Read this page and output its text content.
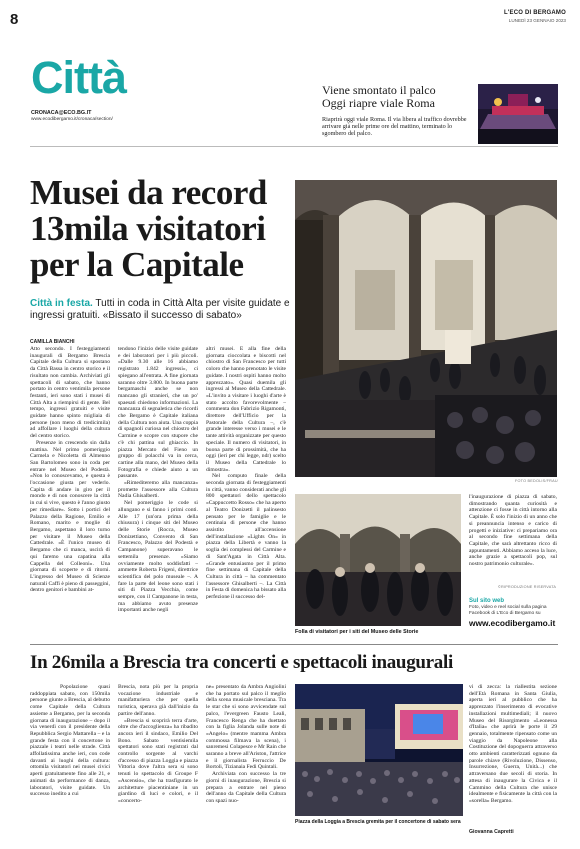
8	L'ECO DI BERGAMO
LUNEDÌ 23 GENNAIO 2023
Città
CRONACA@ECO.BG.IT
www.ecodibergamo.it/cronaca/section/
Viene smontato il palco
Oggi riapre viale Roma
Riaprirà oggi viale Roma. Il via libera al traffico dovrebbe arrivare già nelle prime ore del mattino, terminato lo sgombero del palco.
Musei da record
13mila visitatori
per la Capitale
Città in festa. Tutti in coda in Città Alta per visite guidate e ingressi gratuiti. «Bissato il successo di sabato»
CAMILLA BIANCHI

Atto secondo. I festeggiamenti inaugurali di Bergamo Brescia Capitale della Cultura si spostano da Città Bassa in centro storico e il risultato non cambia. Archiviati gli spettacoli di sabato, che hanno portato in centro ventimila persone festanti, ieri sono stati i musei di Città Alta a riempirsi di gente. Bel tempo, ingressi gratuiti e visite guidate hanno spinto migliaia di persone (non meno di tredicimila) ad affollare i luoghi della cultura del centro storico.

Presenze in crescendo sin dalla mattina. Nel primo pomeriggio Carmela e Nicoletta di Almenno San Bartolomeo sono in coda per entrare nel Museo del Podestà. «Non lo conoscevamo, e questa è l'occasione giusta per vederlo. Capita di andare in giro per il mondo e di non conoscere la città in cui si vive, questo è l'anno giusto per rimediare». Sotto i portici del Palazzo della Ragione, Emilio e Romano, marito e moglie di Bergamo, aspettano il loro turno per visitare il Museo della Cattedrale. «È l'unico museo di Bergamo che ci manca, uscirà di qui faremo una capatina alla Cappella del Colleoni». Una giornata di scoperte e di ritorni. L'ingresso del Museo di Scienze naturali Caffi è pieno di passeggini, dentro genitori e bambini at-

tendono l'inizio delle visite guidate e dei laboratori per i più piccoli. «Dalle 9.30 alle 16 abbiamo registrato 1.842 ingressi», ci spiegano all'entrata. A fine giornata saranno oltre 3.800. In buona parte bergamaschi anche se non mancano gli stranieri, che un po' spaesati chiedono informazioni. La mancanza di segnaletica che ricordi che Bergamo è Capitale italiana della Cultura non aiuta. Una coppia di spagnoli curiosa nel chiostro del Carmine e scopre con stupore che c'è chi pattina sul ghiaccio. In piazza Mercato del Fieno un gruppo di polacchi va in cerca, cartine alla mano, del Museo della Fotografia e chiede aiuto a un passante.

«Rimediteremo alla mancanza» promette l'assessore alla Cultura Nadia Ghisalberti.

Nel pomeriggio le code si allungano e si fanno i primi conti. Alle 17 (un'ora prima della chiusura) i cinque siti del Museo delle Storie (Rocca, Museo Donizettiano, Convento di San Francesco, Palazzo del Podestà e Campanone) superavano le settemila presenze. «Siamo ovviamente molto soddisfatti – ammette Roberta Frigeni, direttrice scientifica del polo museale –. A fare la parte del leone sono stati i siti di Piazza Vecchia, come sempre, con il Campanone in testa, ma abbiamo avuto presenze importanti anche negli

altri musei. E alla fine della giornata cioccolata e biscotti nel chiostro di San Francesco per tutti coloro che hanno prenotato le visite guidate. I nostri ospiti hanno molto apprezzato». Quasi duemila gli ingressi al Museo della Cattedrale. «L'invito a visitare i luoghi d'arte è stato accolto favorevolmente – commenta don Fabrizio Rigamonti, direttore dell'Ufficio per la Pastorale della Cultura –, c'è grande interesse verso i musei e le tante attività organizzate per questo speciale. Il numero di visitatori, in buona parte di prossimità, che ha oggi (ieri per chi legge, ndr) scelto il Museo della Cattedrale lo dimostra».

Nel computo finale della seconda giornata di festeggiamenti in città, vanno considerati anche gli 800 spettatori dello spettacolo «Cappuccetto Rosso» che ha aperto al Teatro Donizetti il palinsesto pensato per le famiglie e le centinaia di persone che hanno assistito all'accensione dell'installazione «Lights On» in piazza della Libertà e vanno la soglia dei complessi del Carmine e di Sant'Agata in Città Alta. «Grande entusiasmo per il primo fine settimana di Capitale della Cultura in città – ha commentato l'assessore Ghisalberti –. La Città in Festa di domenica ha bissato alla perfezione il successo del-

FOTO BEDOLIS/FRAU
Folla di visitatori per i siti del Museo delle Storie

l'inaugurazione di piazza di sabato, dimostrando quanta curiosità e attenzione ci fosse in città intorno alla Capitale. È solo l'inizio di un anno che si preannuncia intenso e carico di progetti e iniziative: ci prepariamo ora al secondo fine settimana della Capitale, che sarà altrettanto ricco di appuntamenti. Abbiamo acceso la luce, anche grazie a spettacoli pop, sul nostro patrimonio culturale».

©RIPRODUZIONE RISERVATA
Sul sito web
Foto, video e reel social sulla pagina Facebook di L'Eco di Bergamo su
www.ecodibergamo.it
In 26mila a Brescia tra concerti e spettacoli inaugurali

Popolazione quasi raddoppiata sabato, con 150mila persone giunte a Brescia, al debutto come Capitale della Cultura assieme a Bergamo, per la seconda giornata di inaugurazione – dopo il via venerdì con il presidente della Repubblica Sergio Mattarella – e la grande festa con il concertone in piazzale i teatri nelle strade. Città affollatissima anche ieri, con code davanti ai luoghi della cultura: ottomila visitatori nei musei civici aperti gratuitamente fino alle 21, e animati da performance di danza, laboratori, visite guidate. Un successo inedito a cui

Brescia, nota più per la propria vocazione industriale e manifatturiera che per quella turistica, sperava già dall'inizio da partire dell'anno.

«Brescia si scoprirà terra d'arte, oltre che d'accoglienza» ha ribadito ancora ieri il sindaco, Emilio Del Bono. Sabato ventisiemila spettatori sono stati registrati dal controllo sorgente al varchi d'accesso di piazza Loggia e piazza Vittoria dove l'altra sera si sono tenuti lo spettacolo di Groupe F «Ascensio», che ha trasfigurato le architetture piacentiniane in un giardino di luci e colori, e il «concerto-

ne» presentato da Ambra Angiolini che ha portato sul palco il meglio della scena musicale bresciana. Tra le star che si sono avvicendate sul palco, l'evergreen Fausto Leali, Francesco Renga che ha duettato con la figlia Jolanda sulle note di «Angelo» (mentre mamma Ambra commossa filmava la scena), i sanremesi Colapesce e Mr Rain che saranno a breve all'Ariston, l'attrice e il giornalista Ferruccio De Bortoli, Tizianaia Fedi Quintali.

Archiviata con successo la tre giorni di inaugurazione, Brescia si prepara a entrare nel pieno dell'anno da Capitale della Cultura con spazi nuo-

Piazza della Loggia a Brescia gremita per il concertone di sabato sera

vi di zecca: la riallestita sezione dell'Età Romana in Santa Giulia, aperta ieri al pubblico che ha apprezzato l'inserimento di evocative installazioni multimediali; il nuovo Museo del Risorgimento «Leonessa d'Italia» che aprirà le porte il 29 gennaio, totalmente ripensato come un viaggio da Napoleone alla Costituzione del dopoguerra attraverso otto ambienti caratterizzati ognuno da parole chiave (Rivoluzione, Dissenso, Insurrezione, Guerra, Unità...) che attraversano due secoli di storia. In attesa di inaugurare la Civica e il Cammino della Cultura che unisce idealmente e fisicamente la città con la «sorella» Bergamo.

Giovanna Capretti
